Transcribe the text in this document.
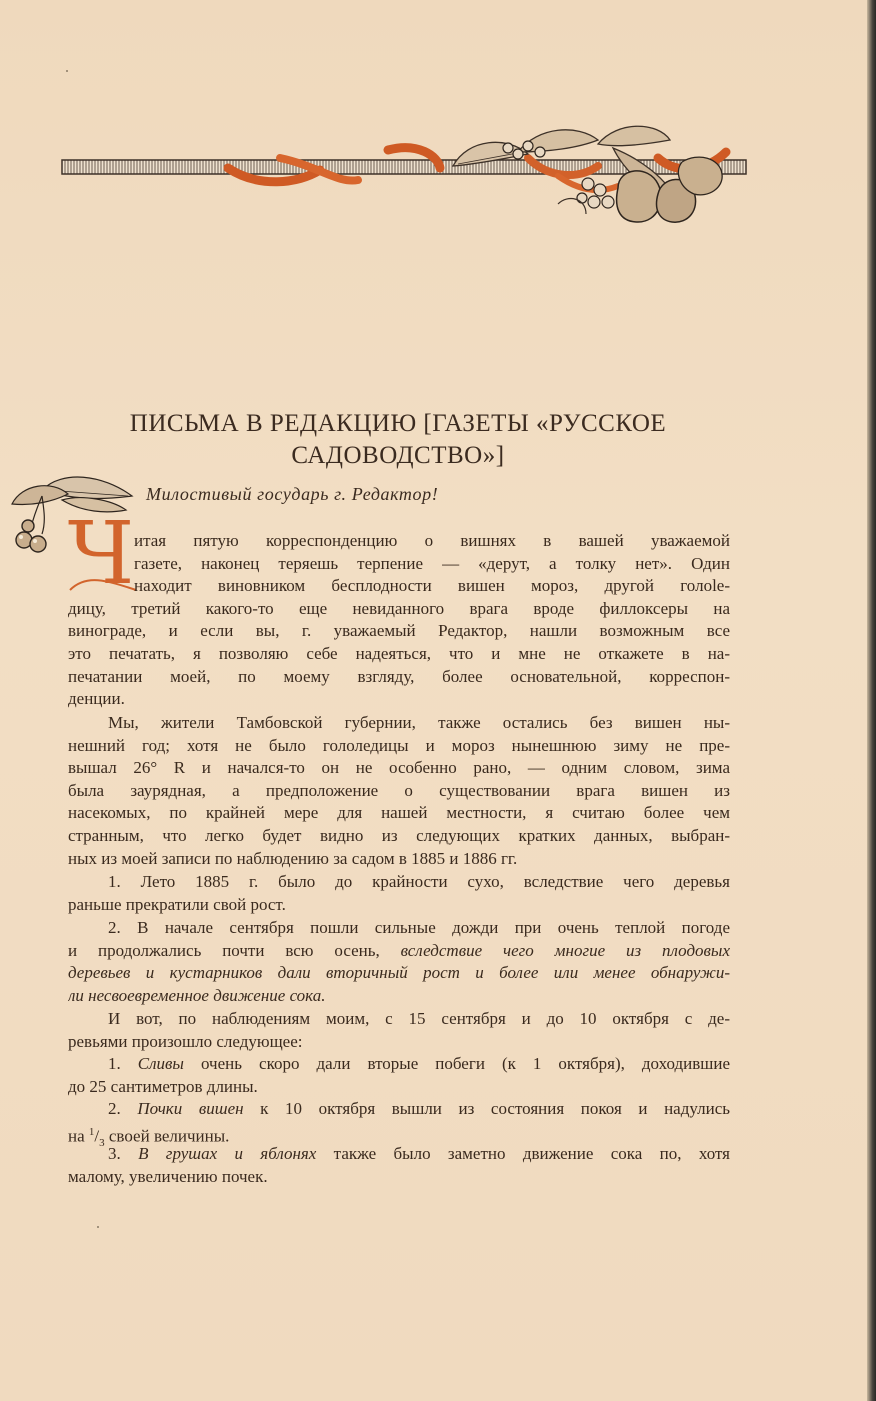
ПИСЬМА В РЕДАКЦИЮ [ГАЗЕТЫ «РУССКОЕ
САДОВОДСТВО»]
Милостивый государь г. Редактор!
Ч итая пятую корреспонденцию о вишнях в вашей уважаемой
газете, наконец теряешь терпение — «дерут, а толку нет». Один
находит виновником бесплодности вишен мороз, другой голole-
дицу, третий какого-то еще невиданного врага вроде филлоксеры на
винограде, и если вы, г. уважаемый Редактор, нашли возможным все
это печатать, я позволяю себе надеяться, что и мне не откажете в на-
печатании моей, по моему взгляду, более основательной, корреспон-
денции.
Мы, жители Тамбовской губернии, также остались без вишен ны-
нешний год; хотя не было гололедицы и мороз нынешнюю зиму не пре-
вышал 26° R и начался-то он не особенно рано, — одним словом, зима
была заурядная, а предположение о существовании врага вишен из
насекомых, по крайней мере для нашей местности, я считаю более чем
странным, что легко будет видно из следующих кратких данных, выбран-
ных из моей записи по наблюдению за садом в 1885 и 1886 гг.
1. Лето 1885 г. было до крайности сухо, вследствие чего деревья
раньше прекратили свой рост.
2. В начале сентября пошли сильные дожди при очень теплой погоде
и продолжались почти всю осень, вследствие чего многие из плодовых
деревьев и кустарников дали вторичный рост и более или менее обнаружи-
ли несвоевременное движение сока.
И вот, по наблюдениям моим, с 15 сентября и до 10 октября с де-
ревьями произошло следующее:
1. Сливы очень скоро дали вторые побеги (к 1 октября), доходившие
до 25 сантиметров длины.
2. Почки вишен к 10 октября вышли из состояния покоя и надулись
на $^1/_3$ своей величины.
3. В грушах и яблонях также было заметно движение сока по, хотя
малому, увеличению почек.
